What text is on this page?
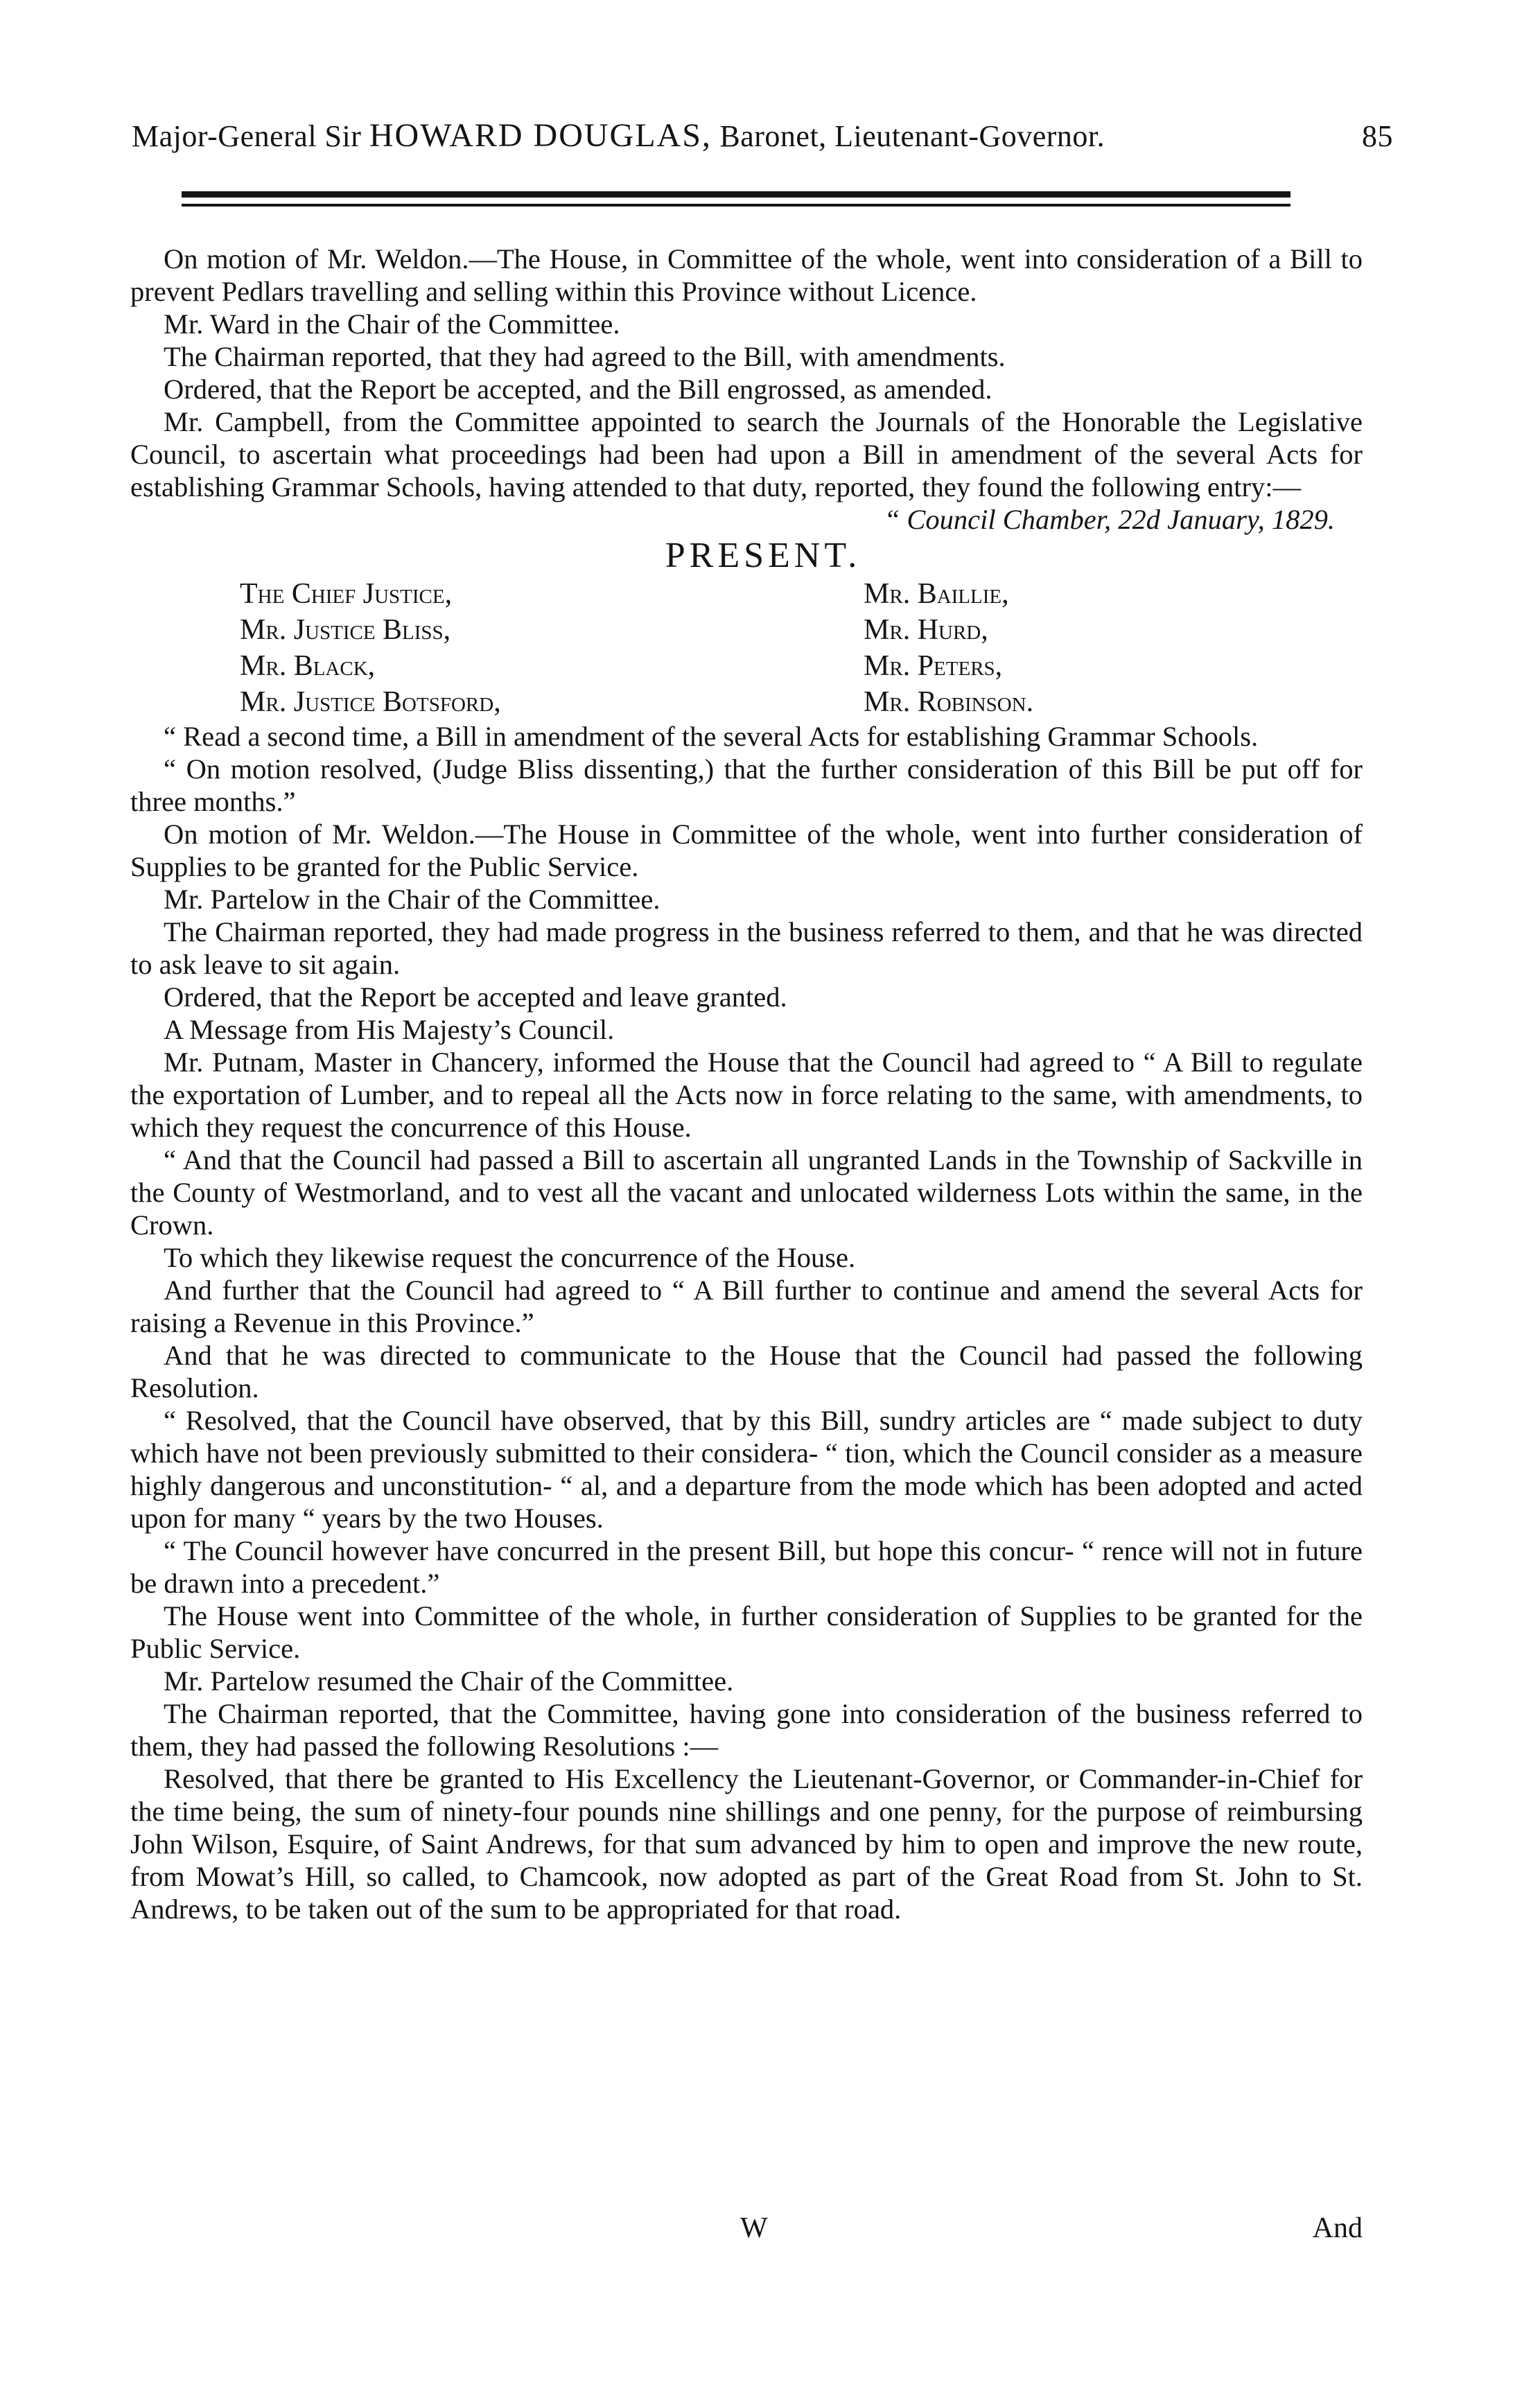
Major-General Sir HOWARD DOUGLAS, Baronet, Lieutenant-Governor.	85

On motion of Mr. Weldon.—The House, in Committee of the whole, went into consideration of a Bill to prevent Pedlars travelling and selling within this Province without Licence.

Mr. Ward in the Chair of the Committee.

The Chairman reported, that they had agreed to the Bill, with amendments.

Ordered, that the Report be accepted, and the Bill engrossed, as amended.

Mr. Campbell, from the Committee appointed to search the Journals of the Honorable the Legislative Council, to ascertain what proceedings had been had upon a Bill in amendment of the several Acts for establishing Grammar Schools, having attended to that duty, reported, they found the following entry:—

“ Council Chamber, 22d January, 1829.

PRESENT.

The Chief Justice,	Mr. Baillie,
Mr. Justice Bliss,	Mr. Hurd,
Mr. Black,	Mr. Peters,
Mr. Justice Botsford,	Mr. Robinson.

“ Read a second time, a Bill in amendment of the several Acts for establishing Grammar Schools.

“ On motion resolved, (Judge Bliss dissenting,) that the further consideration of this Bill be put off for three months.”

On motion of Mr. Weldon.—The House in Committee of the whole, went into further consideration of Supplies to be granted for the Public Service.

Mr. Partelow in the Chair of the Committee.

The Chairman reported, they had made progress in the business referred to them, and that he was directed to ask leave to sit again.

Ordered, that the Report be accepted and leave granted.

A Message from His Majesty’s Council.

Mr. Putnam, Master in Chancery, informed the House that the Council had agreed to “ A Bill to regulate the exportation of Lumber, and to repeal all the Acts now in force relating to the same, with amendments, to which they request the concurrence of this House.

“ And that the Council had passed a Bill to ascertain all ungranted Lands in the Township of Sackville in the County of Westmorland, and to vest all the vacant and unlocated wilderness Lots within the same, in the Crown.

To which they likewise request the concurrence of the House.

And further that the Council had agreed to “ A Bill further to continue and amend the several Acts for raising a Revenue in this Province.”

And that he was directed to communicate to the House that the Council had passed the following Resolution.

“ Resolved, that the Council have observed, that by this Bill, sundry articles are “ made subject to duty which have not been previously submitted to their considera- “ tion, which the Council consider as a measure highly dangerous and unconstitution- “ al, and a departure from the mode which has been adopted and acted upon for many “ years by the two Houses.

“ The Council however have concurred in the present Bill, but hope this concur- “ rence will not in future be drawn into a precedent.”

The House went into Committee of the whole, in further consideration of Supplies to be granted for the Public Service.

Mr. Partelow resumed the Chair of the Committee.

The Chairman reported, that the Committee, having gone into consideration of the business referred to them, they had passed the following Resolutions :—

Resolved, that there be granted to His Excellency the Lieutenant-Governor, or Commander-in-Chief for the time being, the sum of ninety-four pounds nine shillings and one penny, for the purpose of reimbursing John Wilson, Esquire, of Saint Andrews, for that sum advanced by him to open and improve the new route, from Mowat’s Hill, so called, to Chamcook, now adopted as part of the Great Road from St. John to St. Andrews, to be taken out of the sum to be appropriated for that road.

W	And
